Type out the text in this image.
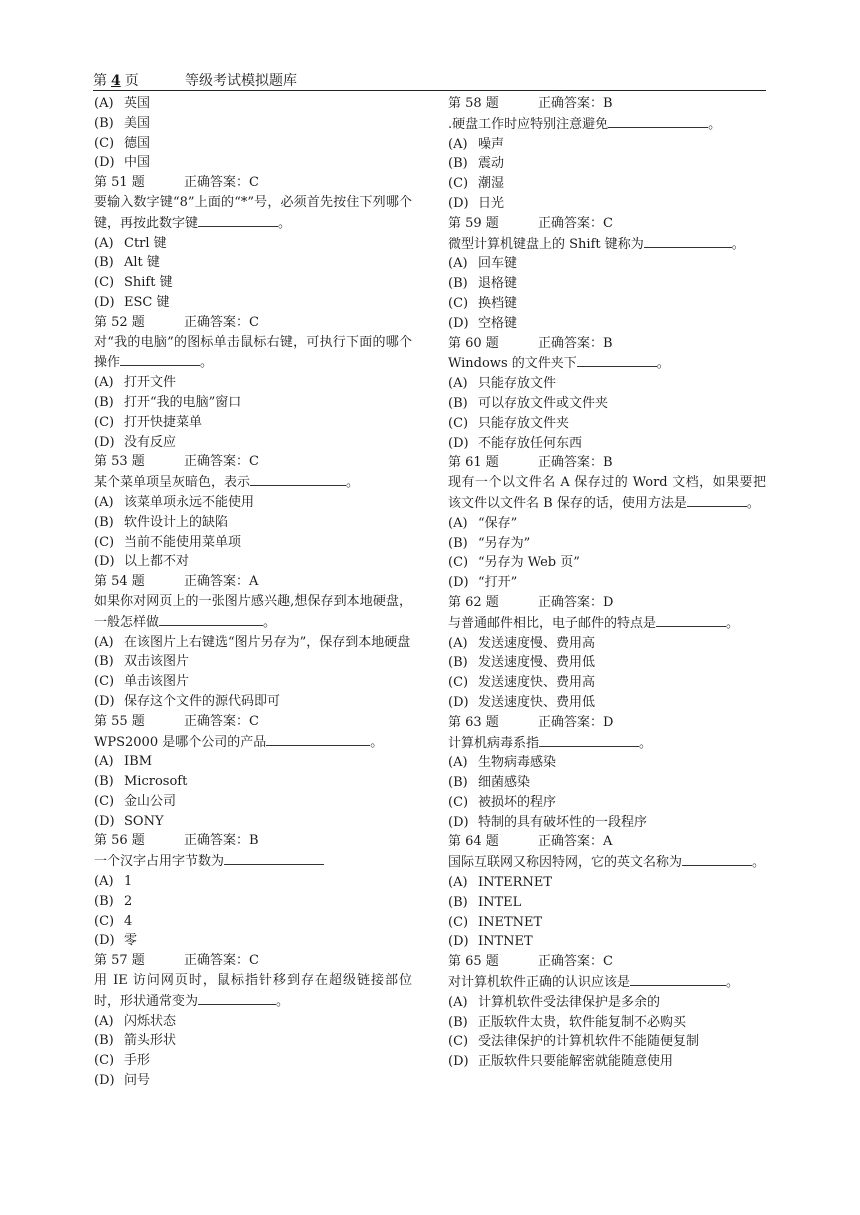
第 4 页	等级考试模拟题库
(A) 英国
(B) 美国
(C) 德国
(D) 中国
第 51 题	正确答案：C
要输入数字键“8”上面的“*”号，必须首先按住下列哪个键，再按此数字键	。
(A) Ctrl 键
(B) Alt 键
(C) Shift 键
(D) ESC 键
第 52 题	正确答案：C
对“我的电脑”的图标单击鼠标右键，可执行下面的哪个操作	。
(A) 打开文件
(B) 打开“我的电脑”窗口
(C) 打开快捷菜单
(D) 没有反应
第 53 题	正确答案：C
某个菜单项呈灰暗色，表示	。
(A) 该菜单项永远不能使用
(B) 软件设计上的缺陷
(C) 当前不能使用菜单项
(D) 以上都不对
第 54 题	正确答案：A
如果你对网页上的一张图片感兴趣,想保存到本地硬盘，一般怎样做	。
(A) 在该图片上右键选“图片另存为”，保存到本地硬盘
(B) 双击该图片
(C) 单击该图片
(D) 保存这个文件的源代码即可
第 55 题	正确答案：C
WPS2000 是哪个公司的产品	。
(A) IBM
(B) Microsoft
(C) 金山公司
(D) SONY
第 56 题	正确答案：B
一个汉字占用字节数为
(A) 1
(B) 2
(C) 4
(D) 零
第 57 题	正确答案：C
用 IE 访问网页时，鼠标指针移到存在超级链接部位时，形状通常变为	。
(A) 闪烁状态
(B) 箭头形状
(C) 手形
(D) 问号
第 58 题	正确答案：B
.硬盘工作时应特别注意避免	。
(A) 噪声
(B) 震动
(C) 潮湿
(D) 日光
第 59 题	正确答案：C
微型计算机键盘上的 Shift 键称为	。
(A) 回车键
(B) 退格键
(C) 换档键
(D) 空格键
第 60 题	正确答案：B
Windows 的文件夹下	。
(A) 只能存放文件
(B) 可以存放文件或文件夹
(C) 只能存放文件夹
(D) 不能存放任何东西
第 61 题	正确答案：B
现有一个以文件名 A 保存过的 Word 文档，如果要把该文件以文件名 B 保存的话，使用方法是	。
(A) “保存”
(B) “另存为”
(C) “另存为 Web 页”
(D) “打开”
第 62 题	正确答案：D
与普通邮件相比，电子邮件的特点是	。
(A) 发送速度慢、费用高
(B) 发送速度慢、费用低
(C) 发送速度快、费用高
(D) 发送速度快、费用低
第 63 题	正确答案：D
计算机病毒系指	。
(A) 生物病毒感染
(B) 细菌感染
(C) 被损坏的程序
(D) 特制的具有破坏性的一段程序
第 64 题	正确答案：A
国际互联网又称因特网，它的英文名称为	。
(A) INTERNET
(B) INTEL
(C) INETNET
(D) INTNET
第 65 题	正确答案：C
对计算机软件正确的认识应该是	。
(A) 计算机软件受法律保护是多余的
(B) 正版软件太贵，软件能复制不必购买
(C) 受法律保护的计算机软件不能随便复制
(D) 正版软件只要能解密就能随意使用
